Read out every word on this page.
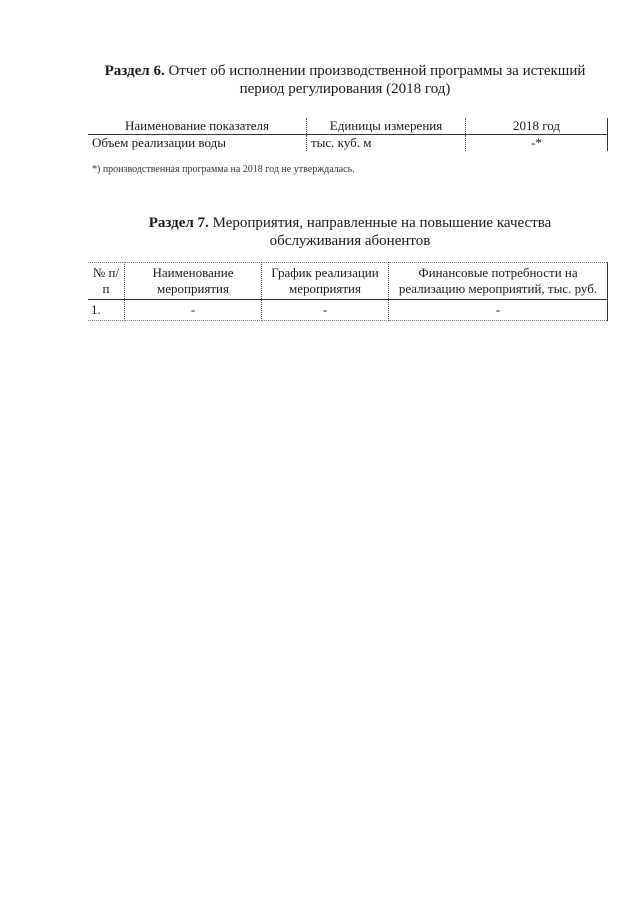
Раздел 6. Отчет об исполнении производственной программы за истекший период регулирования (2018 год)
Наименование показателя	Единицы измерения	2018 год
Объем реализации воды	тыс. куб. м	-*
*) производственная программа на 2018 год не утверждалась.
Раздел 7. Мероприятия, направленные на повышение качества обслуживания абонентов
№ п/п	Наименование мероприятия	График реализации мероприятия	Финансовые потребности на реализацию мероприятий, тыс. руб.
1.	-	-	-
